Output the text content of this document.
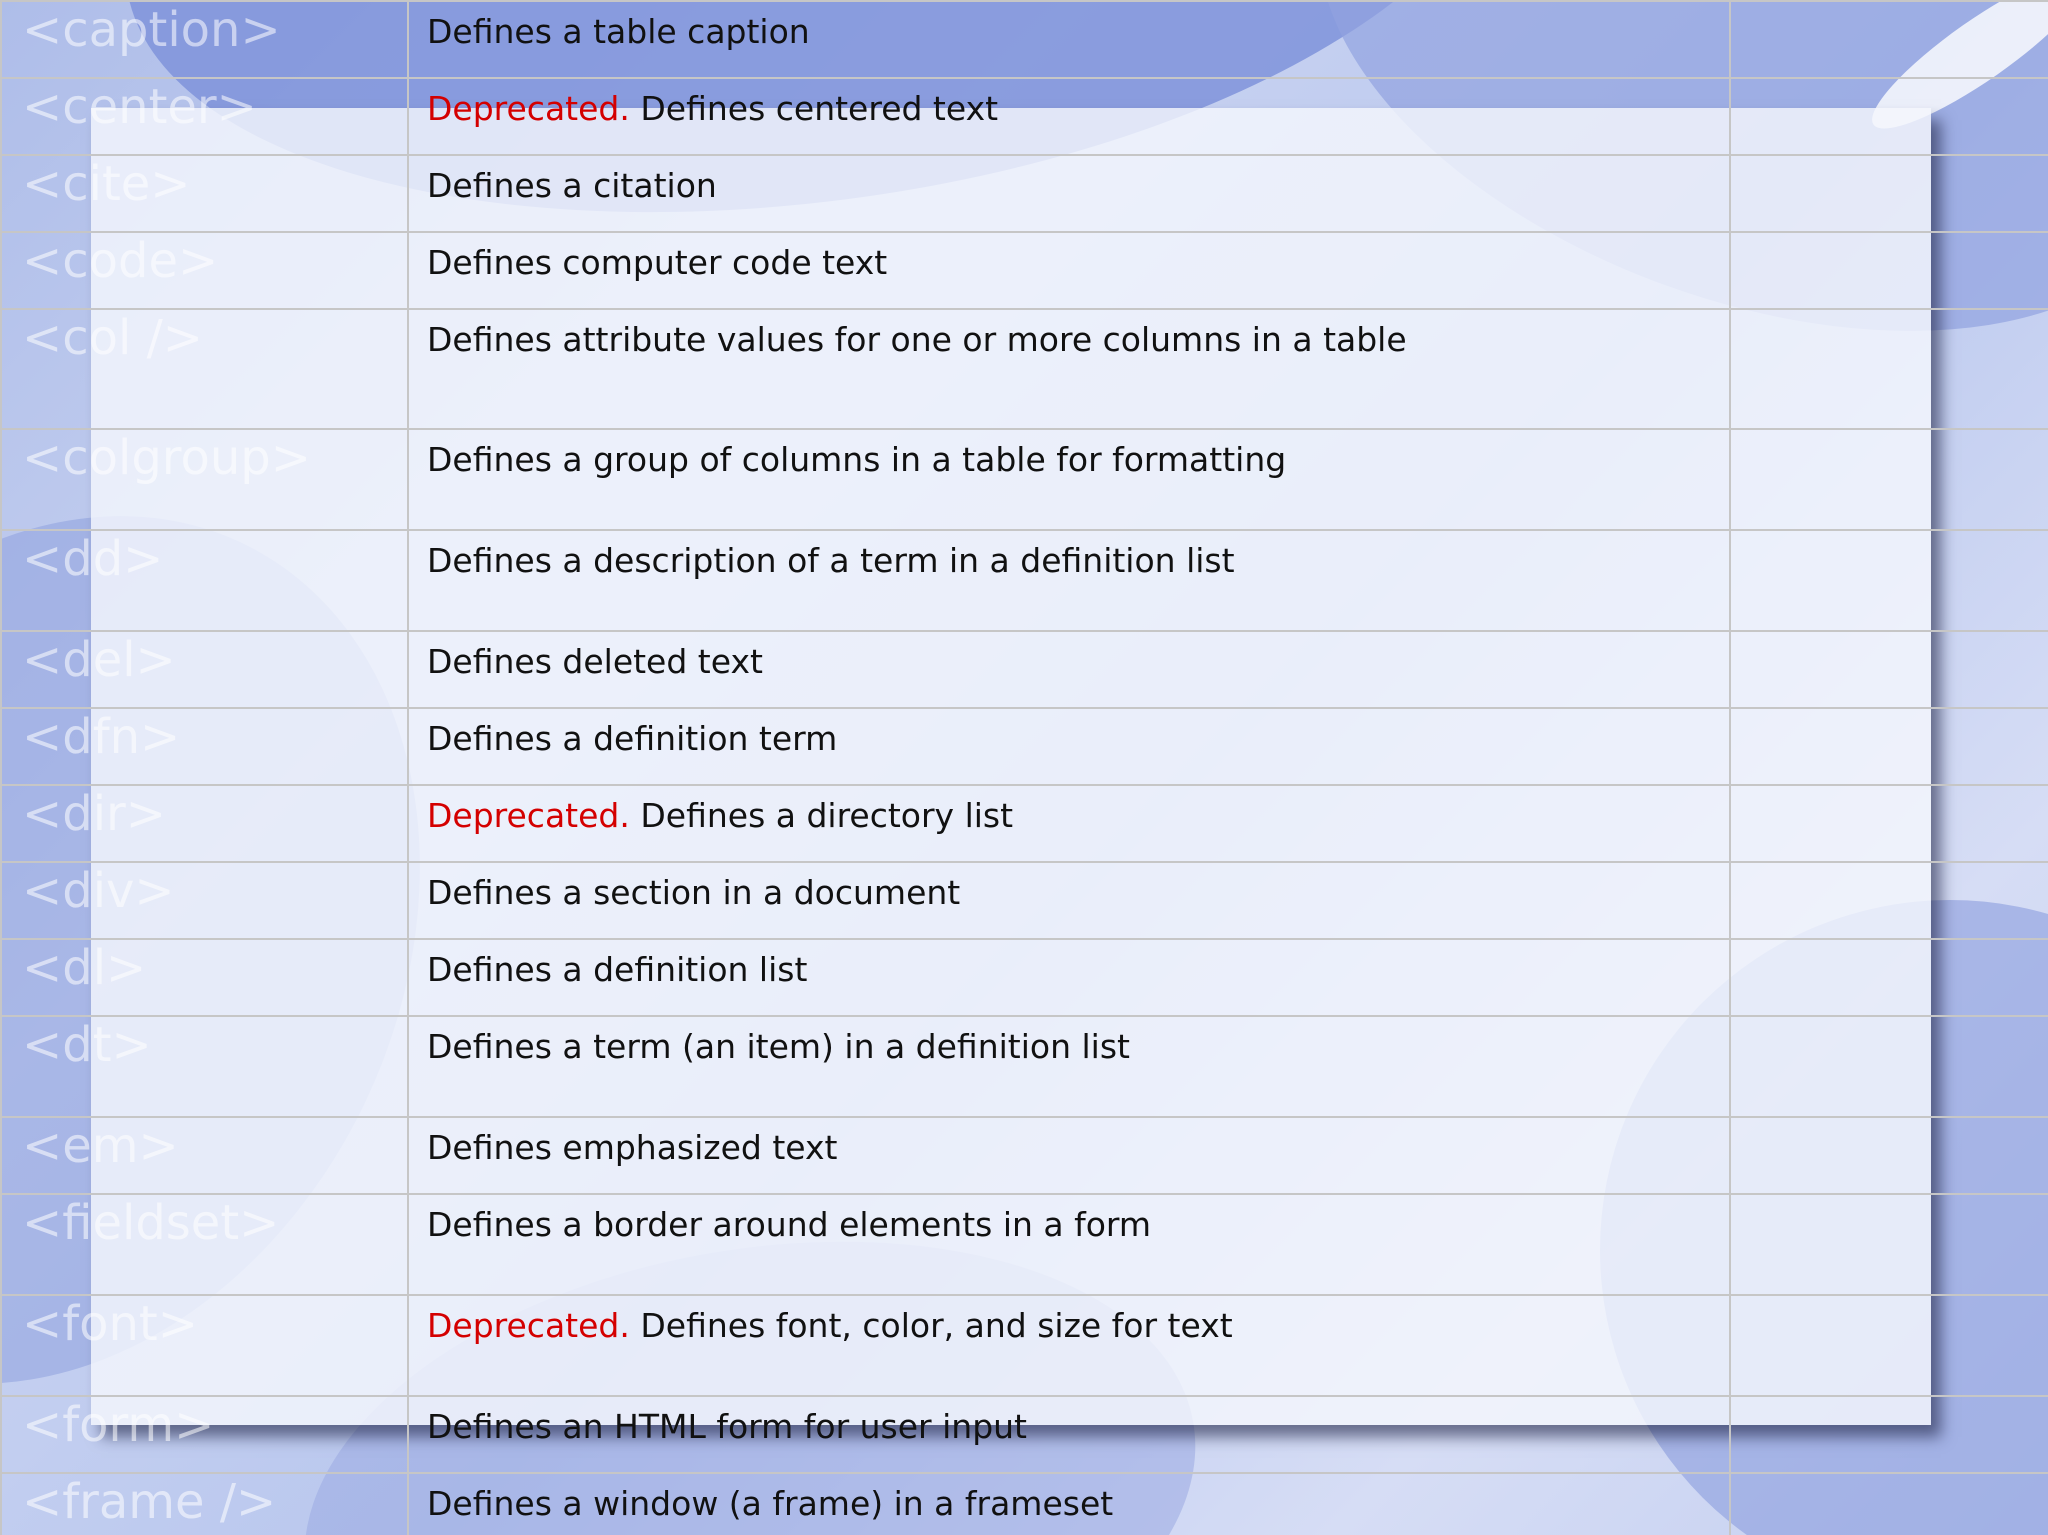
<caption>	Defines a table caption	

<center>	Deprecated. Defines centered text	

<cite>	Defines a citation	

<code>	Defines computer code text	

<col />	Defines attribute values for one or more columns in a table	

<colgroup>	Defines a group of columns in a table for formatting	

<dd>	Defines a description of a term in a definition list	

<del>	Defines deleted text	

<dfn>	Defines a definition term	

<dir>	Deprecated. Defines a directory list	

<div>	Defines a section in a document	

<dl>	Defines a definition list	

<dt>	Defines a term (an item) in a definition list	

<em>	Defines emphasized text	

<fieldset>	Defines a border around elements in a form	

<font>	Deprecated. Defines font, color, and size for text	

<form>	Defines an HTML form for user input	

<frame />	Defines a window (a frame) in a frameset	
